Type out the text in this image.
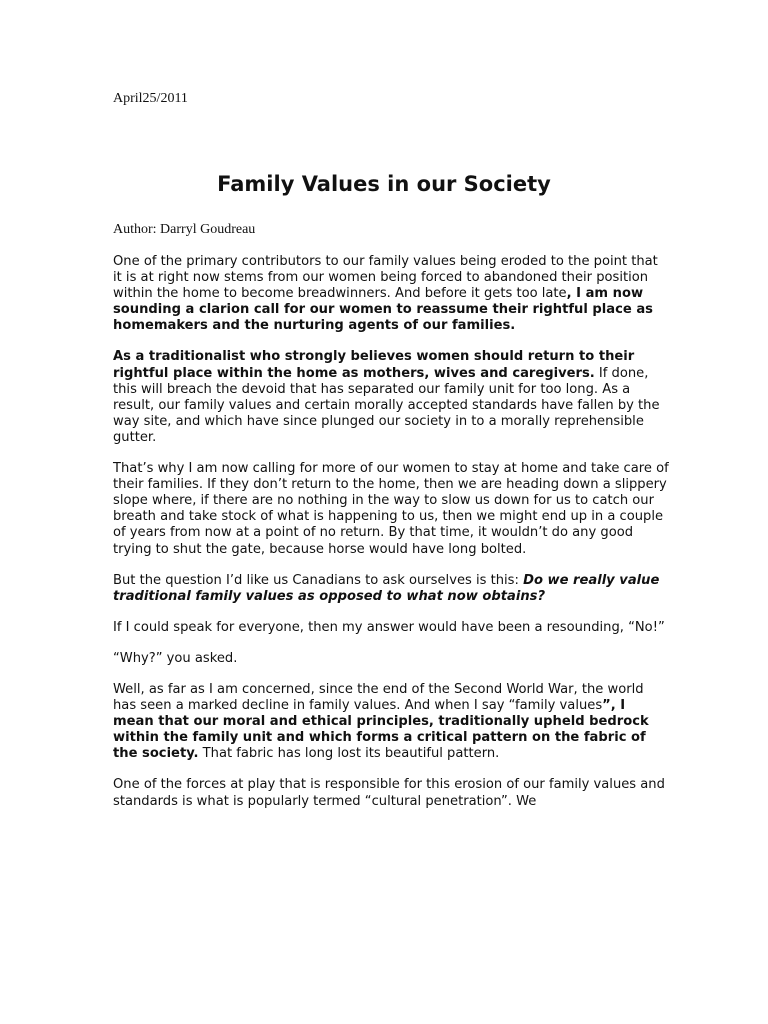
April25/2011
Family Values in our Society
Author: Darryl Goudreau

One of the primary contributors to our family values being eroded to the point that it is at right now stems from our women being forced to abandoned their position within the home to become breadwinners. And before it gets too late, I am now sounding a clarion call for our women to reassume their rightful place as homemakers and the nurturing agents of our families.

As a traditionalist who strongly believes women should return to their rightful place within the home as mothers, wives and caregivers. If done, this will breach the devoid that has separated our family unit for too long. As a result, our family values and certain morally accepted standards have fallen by the way site, and which have since plunged our society in to a morally reprehensible gutter.

That’s why I am now calling for more of our women to stay at home and take care of their families. If they don’t return to the home, then we are heading down a slippery slope where, if there are no nothing in the way to slow us down for us to catch our breath and take stock of what is happening to us, then we might end up in a couple of years from now at a point of no return. By that time, it wouldn’t do any good trying to shut the gate, because horse would have long bolted.

But the question I’d like us Canadians to ask ourselves is this: Do we really value traditional family values as opposed to what now obtains?

If I could speak for everyone, then my answer would have been a resounding, “No!”

“Why?” you asked.

Well, as far as I am concerned, since the end of the Second World War, the world has seen a marked decline in family values. And when I say “family values”, I mean that our moral and ethical principles, traditionally upheld bedrock within the family unit and which forms a critical pattern on the fabric of the society. That fabric has long lost its beautiful pattern.

One of the forces at play that is responsible for this erosion of our family values and standards is what is popularly termed “cultural penetration”. We
